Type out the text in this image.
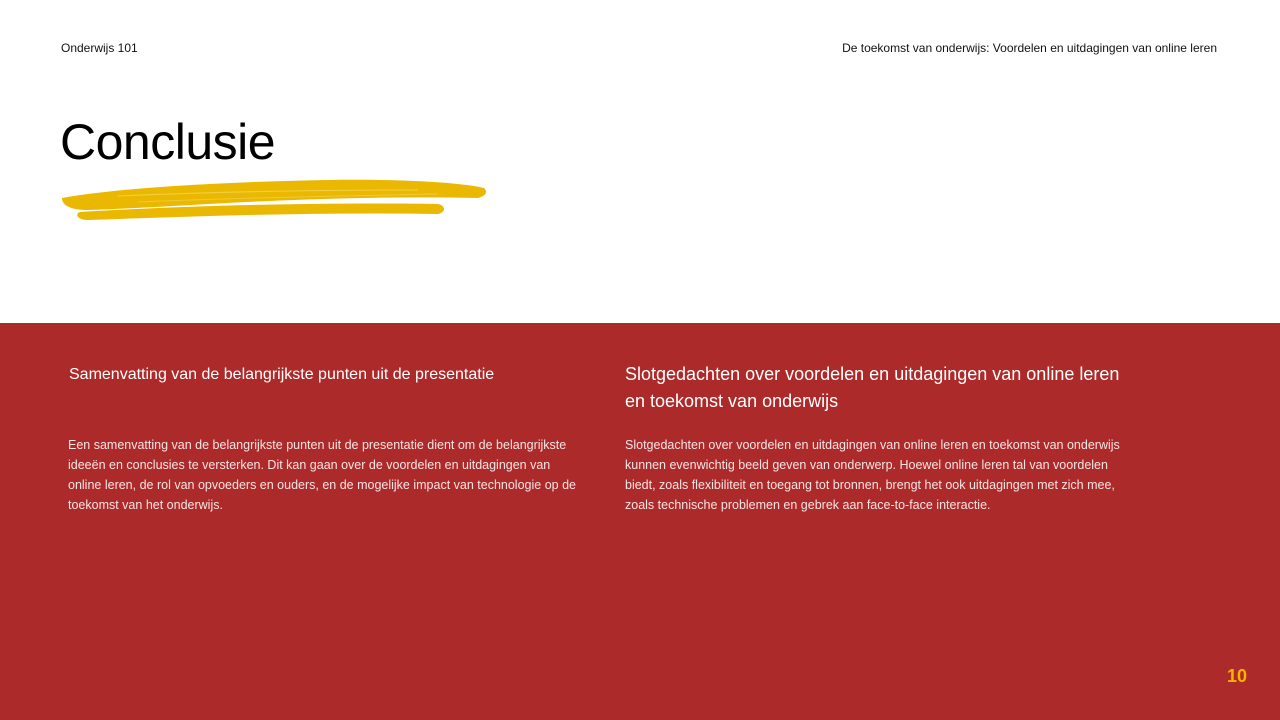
Onderwijs 101	De toekomst van onderwijs: Voordelen en uitdagingen van online leren
Conclusie
Samenvatting van de belangrijkste punten uit de presentatie
Een samenvatting van de belangrijkste punten uit de presentatie dient om de belangrijkste ideeën en conclusies te versterken. Dit kan gaan over de voordelen en uitdagingen van online leren, de rol van opvoeders en ouders, en de mogelijke impact van technologie op de toekomst van het onderwijs.
Slotgedachten over voordelen en uitdagingen van online leren en toekomst van onderwijs
Slotgedachten over voordelen en uitdagingen van online leren en toekomst van onderwijs kunnen evenwichtig beeld geven van onderwerp. Hoewel online leren tal van voordelen biedt, zoals flexibiliteit en toegang tot bronnen, brengt het ook uitdagingen met zich mee, zoals technische problemen en gebrek aan face-to-face interactie.
10
